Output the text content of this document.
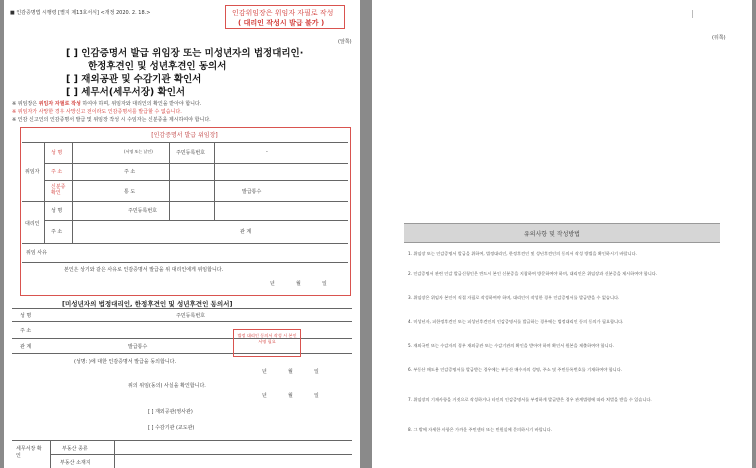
■ 인감증명법 시행령 [별지 제13호서식] <개정 2020. 2. 18.>	인감위임장은 위임자 자필로 작성
( 대리인 작성시 발급 불가 )
(앞쪽)
[ ] 인감증명서 발급 위임장 또는 미성년자의 법정대리인·
한정후견인 및 성년후견인 동의서
[ ] 재외공관 및 수감기관 확인서
[ ] 세무서(세무서장) 확인서
※ 위임장은 위임자 자필로 작성 하여야 하며, 위임자와 대리인의 확인을 받아야 합니다.
※ 위임자가 사망한 경우 사망신고 전이라도 인감증명서를 발급할 수 없습니다.
※ 인감 신고인의 인감증명서 발급 및 위임장 작성 시 수임자는 신분증을 제시하여야 합니다.
[인감증명서 발급 위임장]
위임자
성 명	(서명 또는 날인)	주민등록번호	-
주 소	주 소
신분증 확인	통 도	발급통수
대리인
성 명	주민등록번호
주 소	관 계
위임 사유
본인은 상기와 같은 사유로 인감증명서 발급을 위 대리인에게 위임합니다.
년	월	일
[미성년자의 법정대리인, 한정후견인 및 성년후견인 동의서]
성 명	주민등록번호
주 소
관 계	발급통수
법정 대리인 동의서 작성 시 본인 서명 필요
(성명: )에 대한 인감증명서 발급을 동의합니다.
년	월	일
위의 위임(동의) 사실을 확인합니다.
년	월	일
[ ] 재외공관(영사관)
[ ] 수감기관 (교도관)
세무서장 확인
부동산 종류
부동산 소재지
(뒤쪽)
유의사항 및 작성방법
1. 위임장 또는 인감증명서 발급을 위하여, 법정대리인, 한정후견인 및 성년후견인의 동의서 작성 방법을 확인하시기 바랍니다.
2. 인감증명서 관련 인감 발급신청인은 반드시 본인 신분증을 지참하여 방문하여야 하며, 대리인은 위임장과 신분증을 제시하여야 합니다.
3. 위임장은 위임자 본인이 직접 자필로 작성하여야 하며, 대리인이 작성한 경우 인감증명서를 발급받을 수 없습니다.
4. 미성년자, 피한정후견인 또는 피성년후견인의 인감증명서를 발급하는 경우에는 법정대리인 등의 동의가 필요합니다.
5. 재외국민 또는 수감자의 경우 재외공관 또는 수감기관의 확인을 받아야 하며 확인서 원본을 제출하여야 합니다.
6. 부동산 매도용 인감증명서를 발급받는 경우에는 부동산 매수자의 성명, 주소 및 주민등록번호를 기재하여야 합니다.
7. 위임장의 기재사항을 거짓으로 작성하거나 타인의 인감증명서를 부정하게 발급받은 경우 관계법령에 따라 처벌을 받을 수 있습니다.
8. 그 밖에 자세한 사항은 가까운 주민센터 또는 민원실에 문의하시기 바랍니다.
